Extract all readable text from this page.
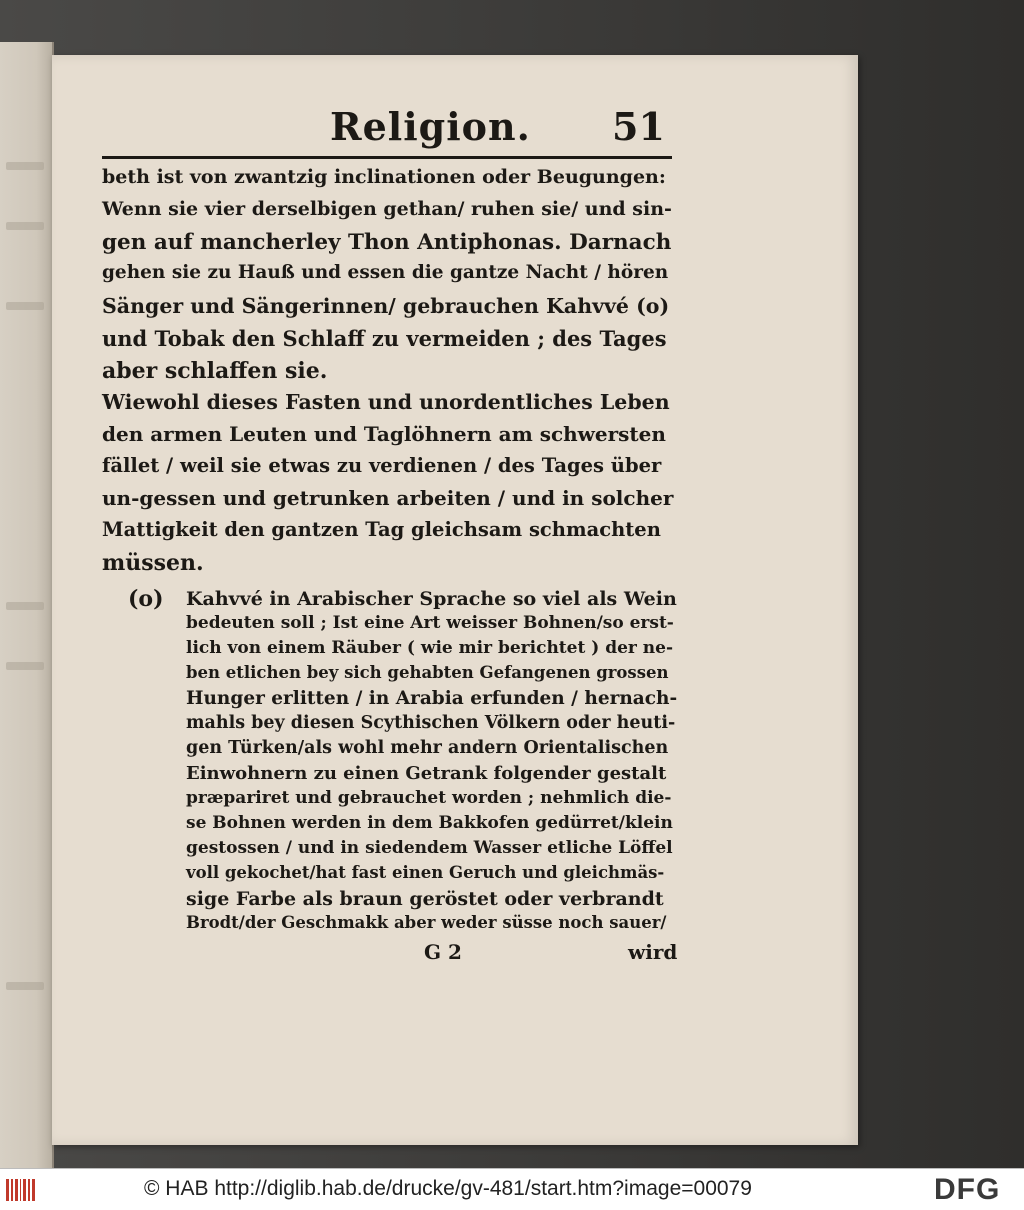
Religion. 51
beth ist von zwantzig inclinationen oder Beugungen:
Wenn sie vier derselbigen gethan/ ruhen sie/ und sin-
gen auf mancherley Thon Antiphonas. Darnach
gehen sie zu Hauß und essen die gantze Nacht / hören
Sänger und Sängerinnen/ gebrauchen Kahvvé (o)
und Tobak den Schlaff zu vermeiden ; des Tages
aber schlaffen sie.
Wiewohl dieses Fasten und unordentliches Leben
den armen Leuten und Taglöhnern am schwersten
fället / weil sie etwas zu verdienen / des Tages über
un-gessen und getrunken arbeiten / und in solcher
Mattigkeit den gantzen Tag gleichsam schmachten
müssen.
(o) Kahvvé in Arabischer Sprache so viel als Wein
bedeuten soll ; Ist eine Art weisser Bohnen/so erst-
lich von einem Räuber ( wie mir berichtet ) der ne-
ben etlichen bey sich gehabten Gefangenen grossen
Hunger erlitten / in Arabia erfunden / hernach-
mahls bey diesen Scythischen Völkern oder heuti-
gen Türken/als wohl mehr andern Orientalischen
Einwohnern zu einen Getrank folgender gestalt
præpariret und gebrauchet worden ; nehmlich die-
se Bohnen werden in dem Bakkofen gedürret/klein
gestossen / und in siedendem Wasser etliche Löffel
voll gekochet/hat fast einen Geruch und gleichmäs-
sige Farbe als braun geröstet oder verbrandt
Brodt/der Geschmakk aber weder süsse noch sauer/
G 2	wird
© HAB http://diglib.hab.de/drucke/gv-481/start.htm?image=00079	DFG
